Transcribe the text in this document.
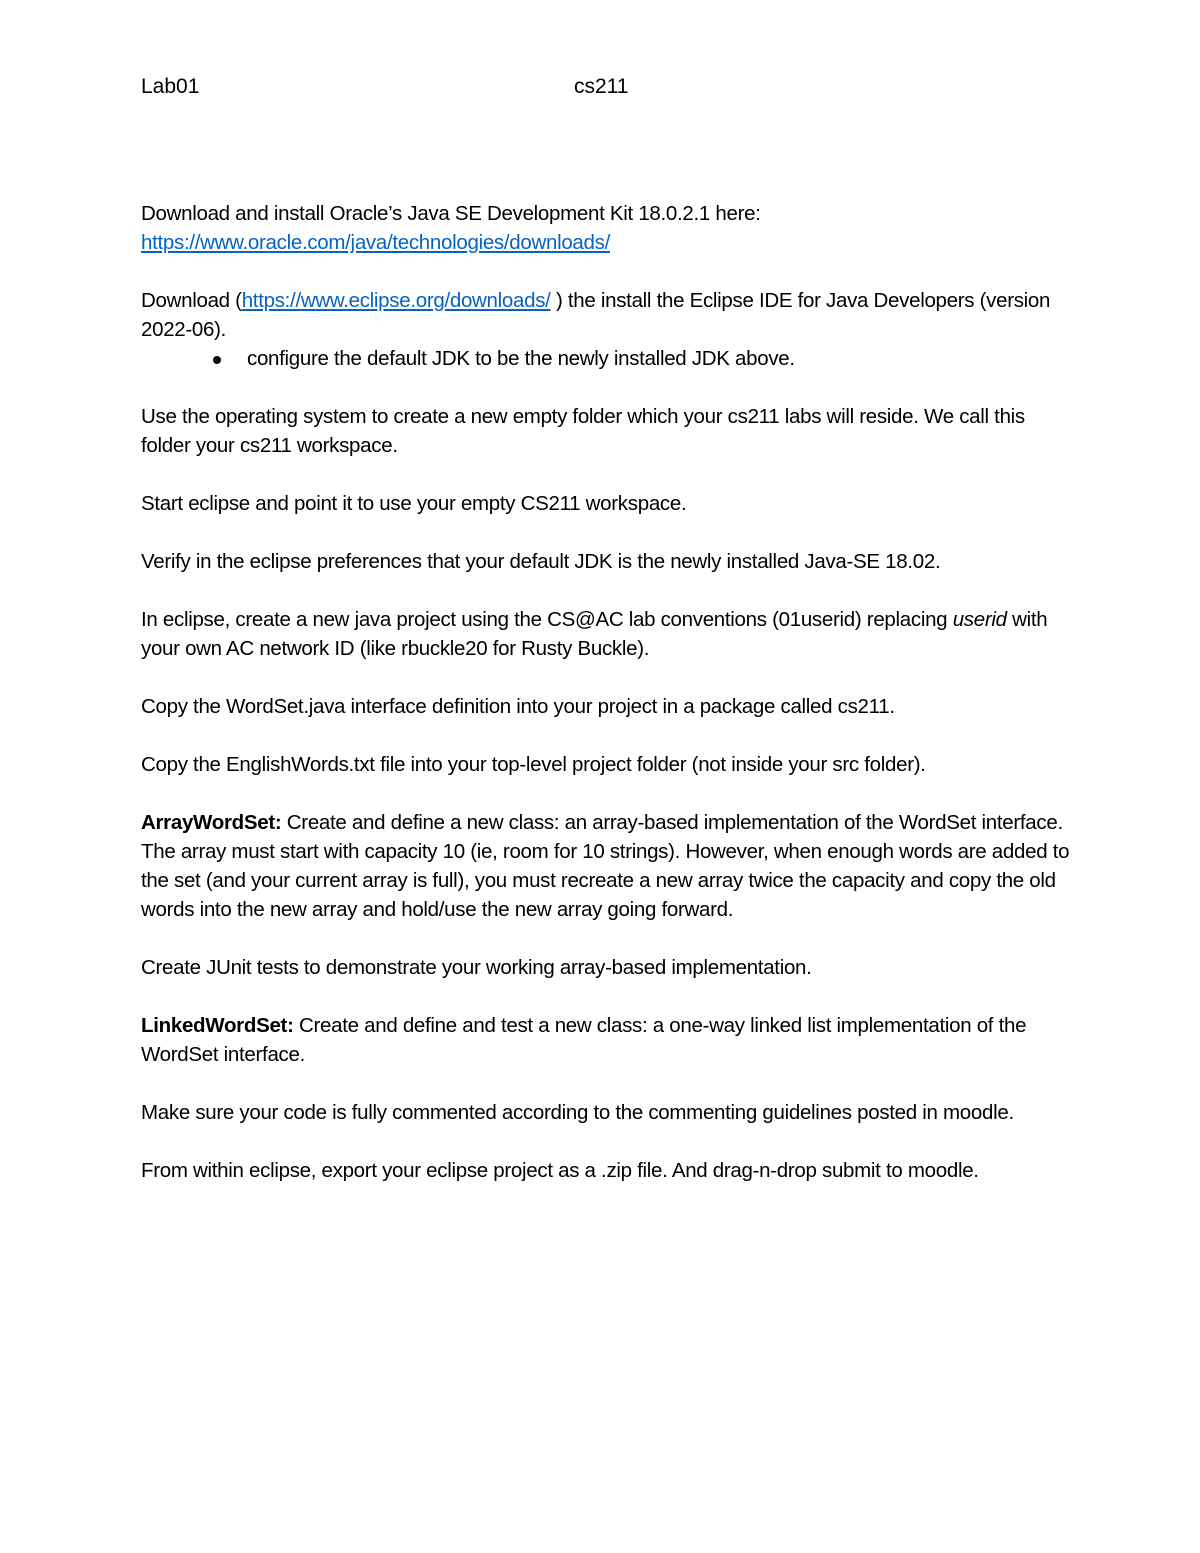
Lab01	cs211

Download and install Oracle’s Java SE Development Kit 18.0.2.1 here:
https://www.oracle.com/java/technologies/downloads/

Download (https://www.eclipse.org/downloads/ ) the install the Eclipse IDE for Java Developers (version 2022-06).

configure the default JDK to be the newly installed JDK above.

Use the operating system to create a new empty folder which your cs211 labs will reside. We call this folder your cs211 workspace.

Start eclipse and point it to use your empty CS211 workspace.

Verify in the eclipse preferences that your default JDK is the newly installed Java-SE 18.02.

In eclipse, create a new java project using the CS@AC lab conventions (01userid) replacing userid with your own AC network ID (like rbuckle20 for Rusty Buckle).

Copy the WordSet.java interface definition into your project in a package called cs211.

Copy the EnglishWords.txt file into your top-level project folder (not inside your src folder).

ArrayWordSet: Create and define a new class: an array-based implementation of the WordSet interface. The array must start with capacity 10 (ie, room for 10 strings). However, when enough words are added to the set (and your current array is full), you must recreate a new array twice the capacity and copy the old words into the new array and hold/use the new array going forward.

Create JUnit tests to demonstrate your working array-based implementation.

LinkedWordSet: Create and define and test a new class: a one-way linked list implementation of the WordSet interface.

Make sure your code is fully commented according to the commenting guidelines posted in moodle.

From within eclipse, export your eclipse project as a .zip file. And drag-n-drop submit to moodle.
